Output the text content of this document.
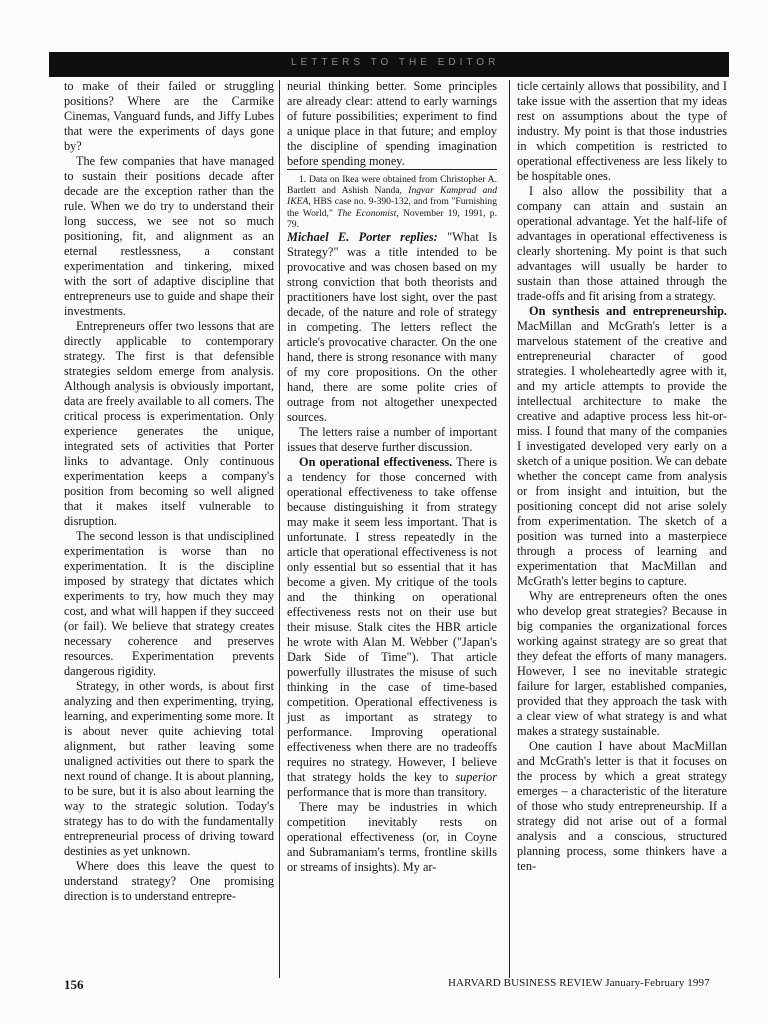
LETTERS TO THE EDITOR

to make of their failed or struggling positions? Where are the Carmike Cinemas, Vanguard funds, and Jiffy Lubes that were the experiments of days gone by?

The few companies that have managed to sustain their positions decade after decade are the exception rather than the rule. When we do try to understand their long success, we see not so much positioning, fit, and alignment as an eternal restlessness, a constant experimentation and tinkering, mixed with the sort of adaptive discipline that entrepreneurs use to guide and shape their investments.

Entrepreneurs offer two lessons that are directly applicable to contemporary strategy. The first is that defensible strategies seldom emerge from analysis. Although analysis is obviously important, data are freely available to all comers. The critical process is experimentation. Only experience generates the unique, integrated sets of activities that Porter links to advantage. Only continuous experimentation keeps a company's position from becoming so well aligned that it makes itself vulnerable to disruption.

The second lesson is that undisciplined experimentation is worse than no experimentation. It is the discipline imposed by strategy that dictates which experiments to try, how much they may cost, and what will happen if they succeed (or fail). We believe that strategy creates necessary coherence and preserves resources. Experimentation prevents dangerous rigidity.

Strategy, in other words, is about first analyzing and then experimenting, trying, learning, and experimenting some more. It is about never quite achieving total alignment, but rather leaving some unaligned activities out there to spark the next round of change. It is about planning, to be sure, but it is also about learning the way to the strategic solution. Today's strategy has to do with the fundamentally entrepreneurial process of driving toward destinies as yet unknown.

Where does this leave the quest to understand strategy? One promising direction is to understand entrepre-

neurial thinking better. Some principles are already clear: attend to early warnings of future possibilities; experiment to find a unique place in that future; and employ the discipline of spending imagination before spending money.

1. Data on Ikea were obtained from Christopher A. Bartlett and Ashish Nanda, Ingvar Kamprad and IKEA, HBS case no. 9-390-132, and from "Furnishing the World," The Economist, November 19, 1991, p. 79.

Michael E. Porter replies: "What Is Strategy?" was a title intended to be provocative and was chosen based on my strong conviction that both theorists and practitioners have lost sight, over the past decade, of the nature and role of strategy in competing. The letters reflect the article's provocative character. On the one hand, there is strong resonance with many of my core propositions. On the other hand, there are some polite cries of outrage from not altogether unexpected sources.

The letters raise a number of important issues that deserve further discussion.

On operational effectiveness. There is a tendency for those concerned with operational effectiveness to take offense because distinguishing it from strategy may make it seem less important. That is unfortunate. I stress repeatedly in the article that operational effectiveness is not only essential but so essential that it has become a given. My critique of the tools and the thinking on operational effectiveness rests not on their use but their misuse. Stalk cites the HBR article he wrote with Alan M. Webber ("Japan's Dark Side of Time"). That article powerfully illustrates the misuse of such thinking in the case of time-based competition. Operational effectiveness is just as important as strategy to performance. Improving operational effectiveness when there are no tradeoffs requires no strategy. However, I believe that strategy holds the key to superior performance that is more than transitory.

There may be industries in which competition inevitably rests on operational effectiveness (or, in Coyne and Subramaniam's terms, frontline skills or streams of insights). My ar-

ticle certainly allows that possibility, and I take issue with the assertion that my ideas rest on assumptions about the type of industry. My point is that those industries in which competition is restricted to operational effectiveness are less likely to be hospitable ones.

I also allow the possibility that a company can attain and sustain an operational advantage. Yet the half-life of advantages in operational effectiveness is clearly shortening. My point is that such advantages will usually be harder to sustain than those attained through the trade-offs and fit arising from a strategy.

On synthesis and entrepreneurship. MacMillan and McGrath's letter is a marvelous statement of the creative and entrepreneurial character of good strategies. I wholeheartedly agree with it, and my article attempts to provide the intellectual architecture to make the creative and adaptive process less hit-or-miss. I found that many of the companies I investigated developed very early on a sketch of a unique position. We can debate whether the concept came from analysis or from insight and intuition, but the positioning concept did not arise solely from experimentation. The sketch of a position was turned into a masterpiece through a process of learning and experimentation that MacMillan and McGrath's letter begins to capture.

Why are entrepreneurs often the ones who develop great strategies? Because in big companies the organizational forces working against strategy are so great that they defeat the efforts of many managers. However, I see no inevitable strategic failure for larger, established companies, provided that they approach the task with a clear view of what strategy is and what makes a strategy sustainable.

One caution I have about MacMillan and McGrath's letter is that it focuses on the process by which a great strategy emerges – a characteristic of the literature of those who study entrepreneurship. If a strategy did not arise out of a formal analysis and a conscious, structured planning process, some thinkers have a ten-

156	HARVARD BUSINESS REVIEW January-February 1997
